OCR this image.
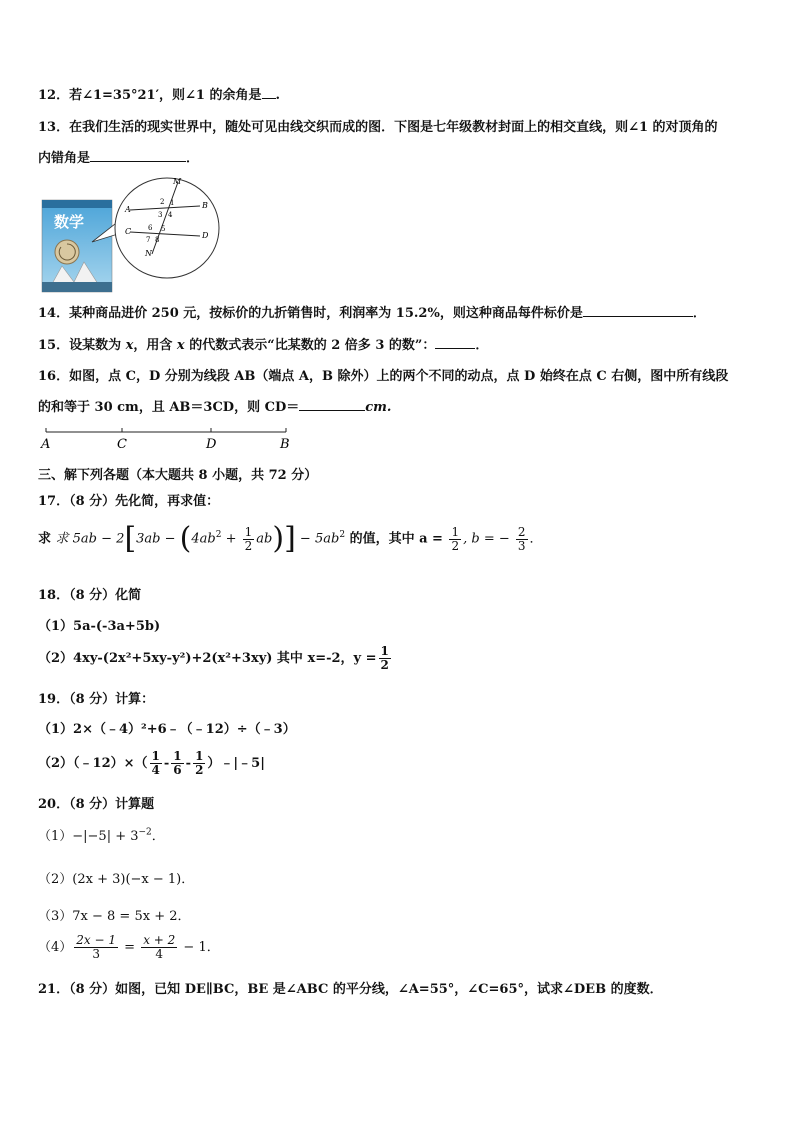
12．若∠1=35°21′，则∠1 的余角是 .
13．在我们生活的现实世界中，随处可见由线交织而成的图．下图是七年级教材封面上的相交直线，则∠1 的对顶角的
内错角是	．
数学
M
N
A	B
C	D
2 1
3 4
6 5
7 8
14．某种商品进价 250 元，按标价的九折销售时，利润率为 15.2%，则这种商品每件标价是	．
15．设某数为 x，用含 x 的代数式表示“比某数的 2 倍多 3 的数”：	．
16．如图，点 C，D 分别为线段 AB（端点 A，B 除外）上的两个不同的动点，点 D 始终在点 C 右侧，图中所有线段
的和等于 30 cm，且 AB＝3CD，则 CD＝	cm.
A	C	D	B
三、解下列各题（本大题共 8 小题，共 72 分）
17．（8 分）先化简，再求值：
求 求 $5ab - 2[3ab - (4ab^2 + \frac{1}{2} ab)] - 5ab^2$ 的值，其中 $a = \frac{1}{2}$ , b = − $\frac{2}{3}$ ．
18．（8 分）化简
（1）5a-(-3a+5b)
（2）4xy-(2x²+5xy-y²)+2(x²+3xy) 其中 x=-2，$y = \frac{1}{2}$
19．（8 分）计算：
（1）2×（﹣4）²+6﹣（﹣12）÷（﹣3）
（2）（﹣12）×（ $\frac{1}{4} - \frac{1}{6} - \frac{1}{2}$ ）﹣|﹣5|
20．（8 分）计算题
$(1)-|-5| + 3^{-2}$．
（2）(2x + 3)(−x − 1)．
（3）7x − 8 = 5x + 2．
$(4) \frac{2x - 1}{3} = \frac{x + 2}{4} - 1$．
21．（8 分）如图，已知 DE∥BC，BE 是∠ABC 的平分线，∠A=55°，∠C=65°，试求∠DEB 的度数．
